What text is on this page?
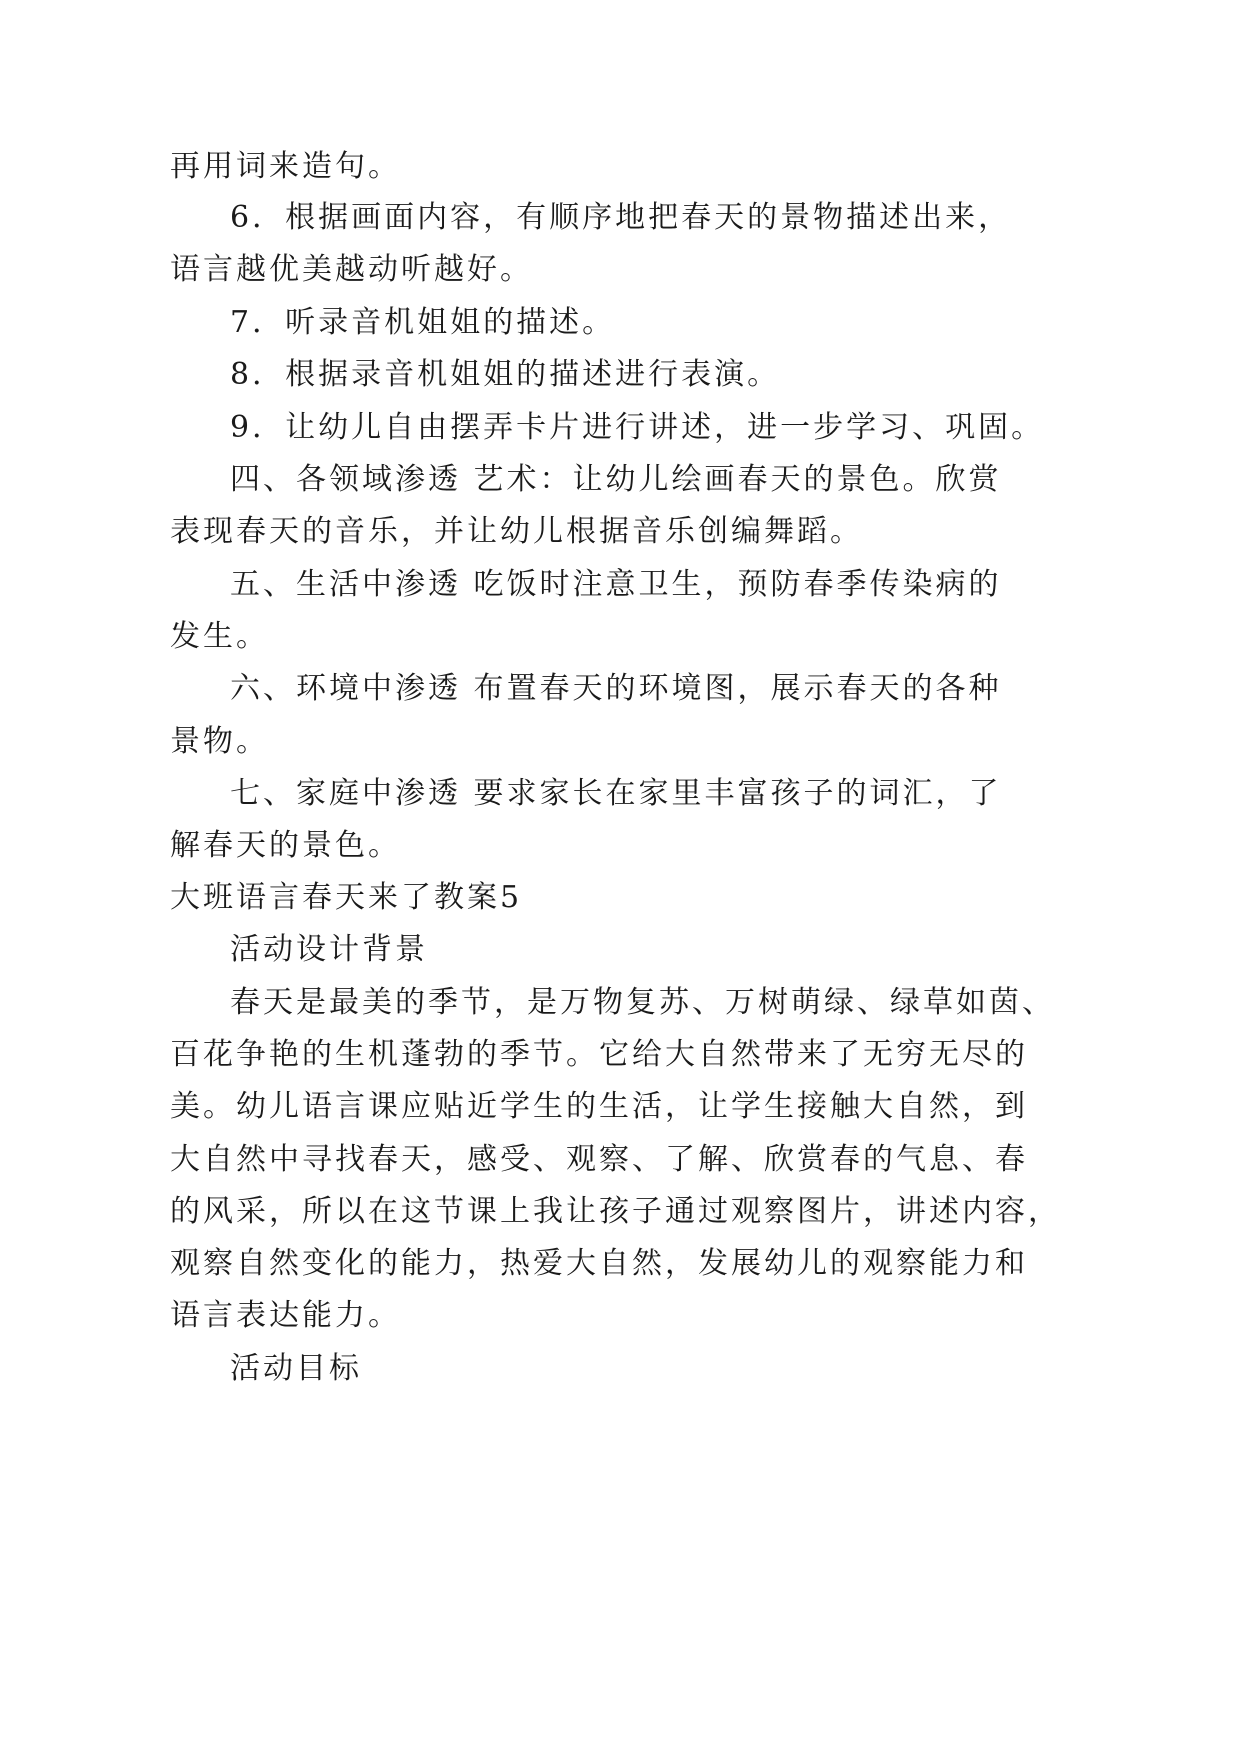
再用词来造句。
6．根据画面内容，有顺序地把春天的景物描述出来，
语言越优美越动听越好。
7．听录音机姐姐的描述。
8．根据录音机姐姐的描述进行表演。
9．让幼儿自由摆弄卡片进行讲述，进一步学习、巩固。
四、各领域渗透 艺术：让幼儿绘画春天的景色。欣赏
表现春天的音乐，并让幼儿根据音乐创编舞蹈。
五、生活中渗透 吃饭时注意卫生，预防春季传染病的
发生。
六、环境中渗透 布置春天的环境图，展示春天的各种
景物。
七、家庭中渗透 要求家长在家里丰富孩子的词汇，了
解春天的景色。
大班语言春天来了教案5
活动设计背景
春天是最美的季节，是万物复苏、万树萌绿、绿草如茵、
百花争艳的生机蓬勃的季节。它给大自然带来了无穷无尽的
美。幼儿语言课应贴近学生的生活，让学生接触大自然，到
大自然中寻找春天，感受、观察、了解、欣赏春的气息、春
的风采，所以在这节课上我让孩子通过观察图片，讲述内容，
观察自然变化的能力，热爱大自然，发展幼儿的观察能力和
语言表达能力。
活动目标
